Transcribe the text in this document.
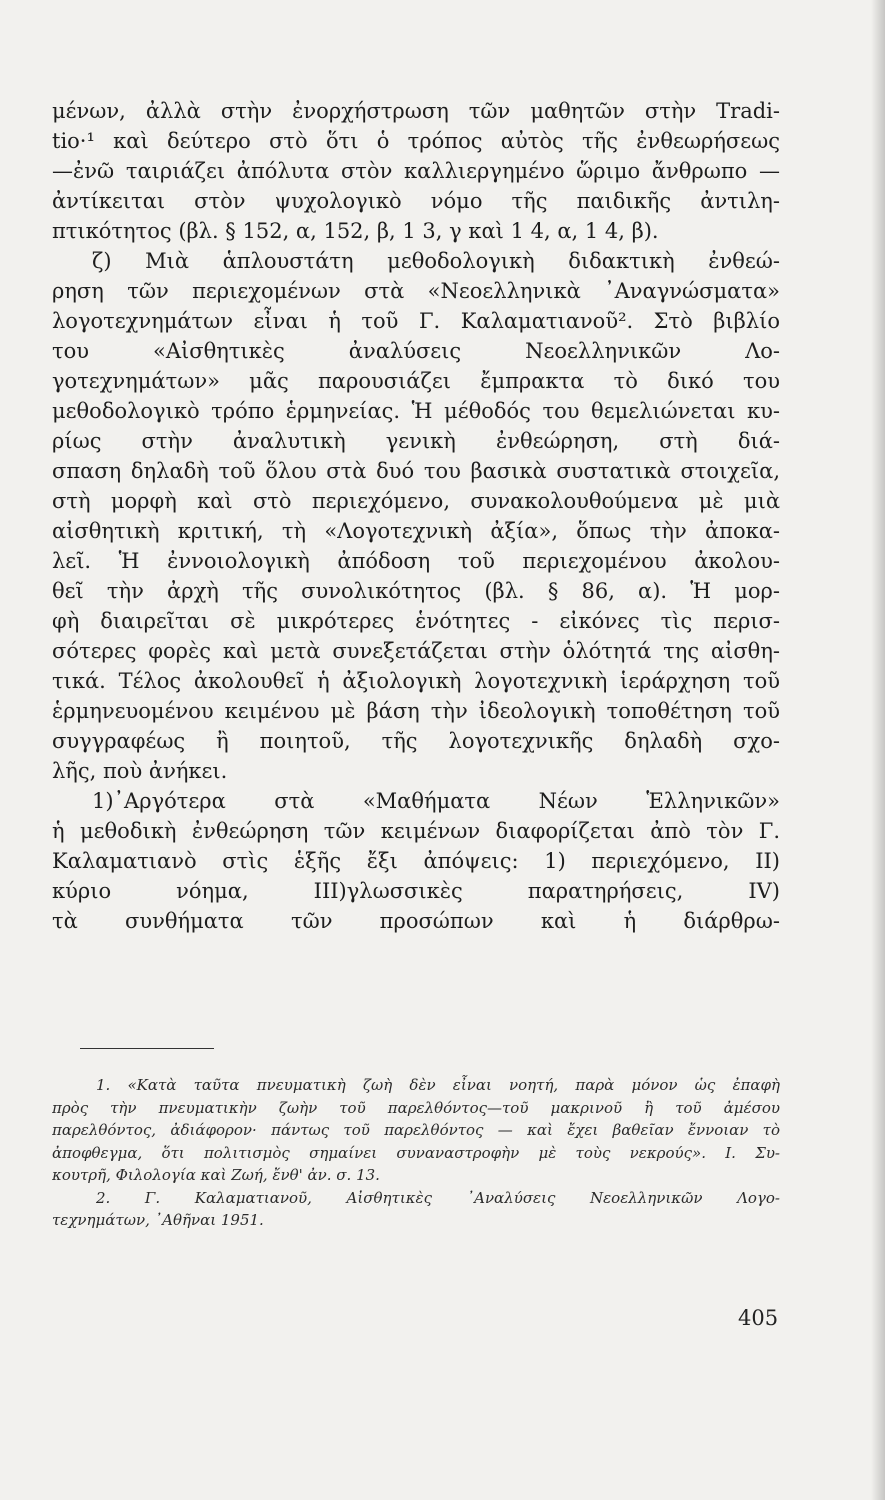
μένων, ἀλλὰ στὴν ἐνορχήστρωση τῶν μαθητῶν στὴν Tradi-
tio·¹ καὶ δεύτερο στὸ ὅτι ὁ τρόπος αὐτὸς τῆς ἐνθεωρήσεως
—ἐνῶ ταιριάζει ἀπόλυτα στὸν καλλιεργημένο ὥριμο ἄνθρωπο —
ἀντίκειται στὸν ψυχολογικὸ νόμο τῆς παιδικῆς ἀντιλη-
πτικότητος (βλ. § 152, α, 152, β, 1 3, γ καὶ 1 4, α, 1 4, β).
ζ) Μιὰ ἁπλουστάτη μεθοδολογικὴ διδακτικὴ ἐνθεώ-
ρηση τῶν περιεχομένων στὰ «Νεοελληνικὰ ᾿Αναγνώσματα»
λογοτεχνημάτων εἶναι ἡ τοῦ Γ. Καλαματιανοῦ². Στὸ βιβλίο
του «Αἰσθητικὲς ἀναλύσεις Νεοελληνικῶν Λο-
γοτεχνημάτων» μᾶς παρουσιάζει ἔμπρακτα τὸ δικό του
μεθοδολογικὸ τρόπο ἑρμηνείας. Ἡ μέθοδός του θεμελιώνεται κυ-
ρίως στὴν ἀναλυτικὴ γενικὴ ἐνθεώρηση, στὴ διά-
σπαση δηλαδὴ τοῦ ὅλου στὰ δυό του βασικὰ συστατικὰ στοιχεῖα,
στὴ μορφὴ καὶ στὸ περιεχόμενο, συνακολουθούμενα μὲ μιὰ
αἰσθητικὴ κριτική, τὴ «Λογοτεχνικὴ ἀξία», ὅπως τὴν ἀποκα-
λεῖ. Ἡ ἐννοιολογικὴ ἀπόδοση τοῦ περιεχομένου ἀκολου-
θεῖ τὴν ἀρχὴ τῆς συνολικότητος (βλ. § 86, α). Ἡ μορ-
φὴ διαιρεῖται σὲ μικρότερες ἑνότητες - εἰκόνες τὶς περισ-
σότερες φορὲς καὶ μετὰ συνεξετάζεται στὴν ὁλότητά της αἰσθη-
τικά. Τέλος ἀκολουθεῖ ἡ ἀξιολογικὴ λογοτεχνικὴ ἱεράρχηση τοῦ
ἑρμηνευομένου κειμένου μὲ βάση τὴν ἰδεολογικὴ τοποθέτηση τοῦ
συγγραφέως ἢ ποιητοῦ, τῆς λογοτεχνικῆς δηλαδὴ σχο-
λῆς, ποὺ ἀνήκει.
1)᾿Αργότερα στὰ «Μαθήματα Νέων Ἑλληνικῶν»
ἡ μεθοδικὴ ἐνθεώρηση τῶν κειμένων διαφορίζεται ἀπὸ τὸν Γ.
Καλαματιανὸ στὶς ἑξῆς ἔξι ἀπόψεις: 1) περιεχόμενο, ΙΙ)
κύριο νόημα, ΙΙΙ)γλωσσικὲς παρατηρήσεις, ΙV)
τὰ συνθήματα τῶν προσώπων καὶ ἡ διάρθρω-
1. «Κατὰ ταῦτα πνευματικὴ ζωὴ δὲν εἶναι νοητή, παρὰ μόνον ὡς ἐπαφὴ
πρὸς τὴν πνευματικὴν ζωὴν τοῦ παρελθόντος—τοῦ μακρινοῦ ἢ τοῦ ἀμέσου
παρελθόντος, ἀδιάφορον· πάντως τοῦ παρελθόντος — καὶ ἔχει βαθεῖαν ἔννοιαν τὸ
ἀποφθεγμα, ὅτι πολιτισμὸς σημαίνει συναναστροφὴν μὲ τοὺς νεκρούς». Ι. Συ-
κουτρῆ, Φιλολογία καὶ Ζωή, ἔνθ' ἀν. σ. 13.
2. Γ. Καλαματιανοῦ, Αἰσθητικὲς ᾿Αναλύσεις Νεοελληνικῶν Λογο-
τεχνημάτων, ᾿Αθῆναι 1951.
405
